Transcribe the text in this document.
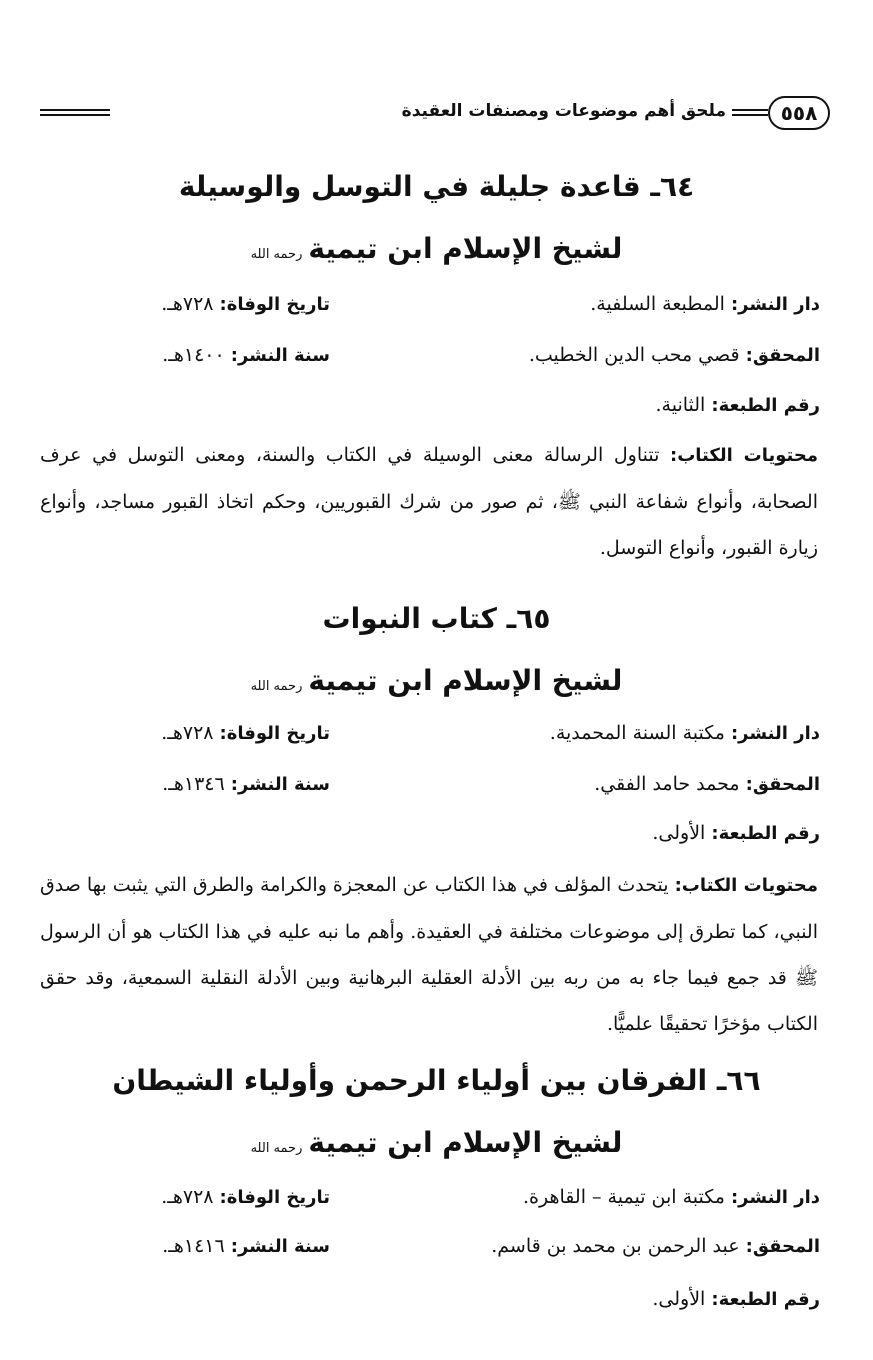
٥٥٨
ملحق أهم موضوعات ومصنفات العقيدة
٦٤ـ قاعدة جليلة في التوسل والوسيلة
لشيخ الإسلام ابن تيميةرحمه الله
دار النشر: المطبعة السلفية.
تاريخ الوفاة: ٧٢٨هـ.
المحقق: قصي محب الدين الخطيب.
سنة النشر: ١٤٠٠هـ.
رقم الطبعة: الثانية.
محتويات الكتاب: تتناول الرسالة معنى الوسيلة في الكتاب والسنة، ومعنى التوسل في عرف الصحابة، وأنواع شفاعة النبي ﷺ، ثم صور من شرك القبوريين، وحكم اتخاذ القبور مساجد، وأنواع زيارة القبور، وأنواع التوسل.
٦٥ـ كتاب النبوات
لشيخ الإسلام ابن تيميةرحمه الله
دار النشر: مكتبة السنة المحمدية.
تاريخ الوفاة: ٧٢٨هـ.
المحقق: محمد حامد الفقي.
سنة النشر: ١٣٤٦هـ.
رقم الطبعة: الأولى.
محتويات الكتاب: يتحدث المؤلف في هذا الكتاب عن المعجزة والكرامة والطرق التي يثبت بها صدق النبي، كما تطرق إلى موضوعات مختلفة في العقيدة. وأهم ما نبه عليه في هذا الكتاب هو أن الرسول ﷺ قد جمع فيما جاء به من ربه بين الأدلة العقلية البرهانية وبين الأدلة النقلية السمعية، وقد حقق الكتاب مؤخرًا تحقيقًا علميًّا.
٦٦ـ الفرقان بين أولياء الرحمن وأولياء الشيطان
لشيخ الإسلام ابن تيميةرحمه الله
دار النشر: مكتبة ابن تيمية – القاهرة.
تاريخ الوفاة: ٧٢٨هـ.
المحقق: عبد الرحمن بن محمد بن قاسم.
سنة النشر: ١٤١٦هـ.
رقم الطبعة: الأولى.
